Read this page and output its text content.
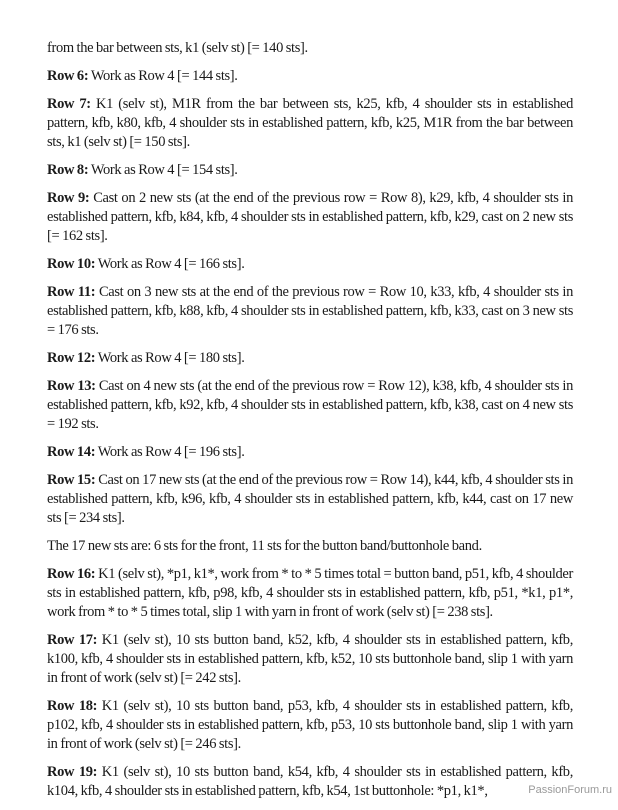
from the bar between sts, k1 (selv st) [= 140 sts].

Row 6: Work as Row 4 [= 144 sts].

Row 7: K1 (selv st), M1R from the bar between sts, k25, kfb, 4 shoulder sts in established pattern, kfb, k80, kfb, 4 shoulder sts in established pattern, kfb, k25, M1R from the bar between sts, k1 (selv st) [= 150 sts].

Row 8: Work as Row 4 [= 154 sts].

Row 9: Cast on 2 new sts (at the end of the previous row = Row 8), k29, kfb, 4 shoulder sts in established pattern, kfb, k84, kfb, 4 shoulder sts in established pattern, kfb, k29, cast on 2 new sts [= 162 sts].

Row 10: Work as Row 4 [= 166 sts].

Row 11: Cast on 3 new sts at the end of the previous row = Row 10, k33, kfb, 4 shoulder sts in established pattern, kfb, k88, kfb, 4 shoulder sts in established pattern, kfb, k33, cast on 3 new sts = 176 sts.

Row 12: Work as Row 4 [= 180 sts].

Row 13: Cast on 4 new sts (at the end of the previous row = Row 12), k38, kfb, 4 shoulder sts in established pattern, kfb, k92, kfb, 4 shoulder sts in established pattern, kfb, k38, cast on 4 new sts = 192 sts.

Row 14: Work as Row 4 [= 196 sts].

Row 15: Cast on 17 new sts (at the end of the previous row = Row 14), k44, kfb, 4 shoulder sts in established pattern, kfb, k96, kfb, 4 shoulder sts in established pattern, kfb, k44, cast on 17 new sts [= 234 sts].

The 17 new sts are: 6 sts for the front, 11 sts for the button band/buttonhole band.

Row 16: K1 (selv st), *p1, k1*, work from * to * 5 times total = button band, p51, kfb, 4 shoulder sts in established pattern, kfb, p98, kfb, 4 shoulder sts in established pattern, kfb, p51, *k1, p1*, work from * to * 5 times total, slip 1 with yarn in front of work (selv st) [= 238 sts].

Row 17: K1 (selv st), 10 sts button band, k52, kfb, 4 shoulder sts in established pattern, kfb, k100, kfb, 4 shoulder sts in established pattern, kfb, k52, 10 sts buttonhole band, slip 1 with yarn in front of work (selv st) [= 242 sts].

Row 18: K1 (selv st), 10 sts button band, p53, kfb, 4 shoulder sts in established pattern, kfb, p102, kfb, 4 shoulder sts in established pattern, kfb, p53, 10 sts buttonhole band, slip 1 with yarn in front of work (selv st) [= 246 sts].

Row 19: K1 (selv st), 10 sts button band, k54, kfb, 4 shoulder sts in established pattern, kfb, k104, kfb, 4 shoulder sts in established pattern, kfb, k54, 1st buttonhole: *p1, k1*,	PassionForum.ru
